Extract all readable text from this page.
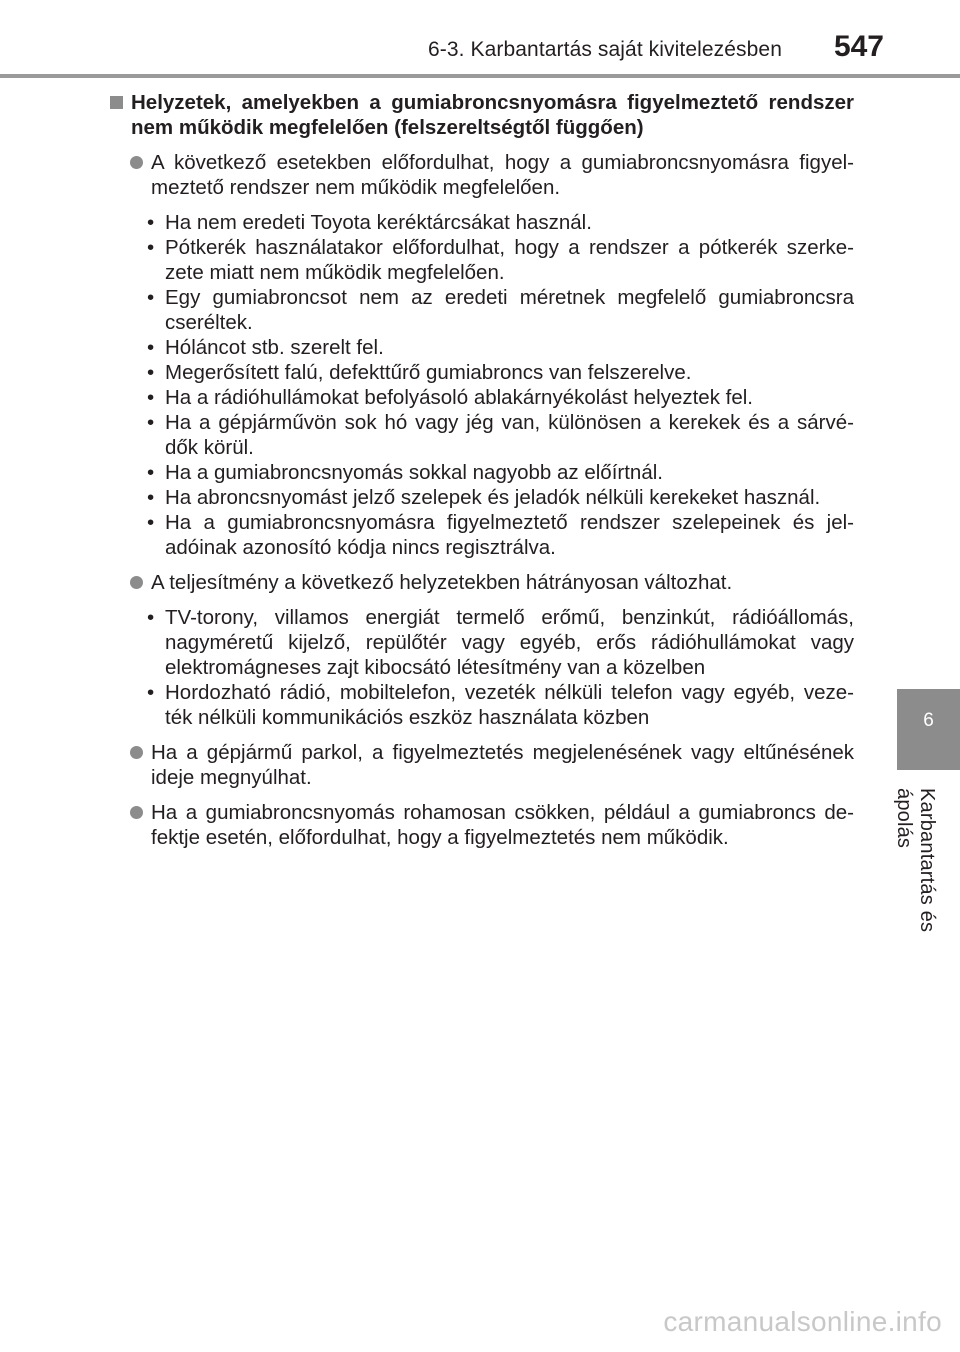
6-3. Karbantartás saját kivitelezésben 547
6
Karbantartás és ápolás
Helyzetek, amelyekben a gumiabroncsnyomásra figyelmeztető rendszer nem működik megfelelően (felszereltségtől függően)
A következő esetekben előfordulhat, hogy a gumiabroncsnyomásra figyel-meztető rendszer nem működik megfelelően.
• Ha nem eredeti Toyota keréktárcsákat használ.
• Pótkerék használatakor előfordulhat, hogy a rendszer a pótkerék szerke-zete miatt nem működik megfelelően.
• Egy gumiabroncsot nem az eredeti méretnek megfelelő gumiabroncsra cseréltek.
• Hóláncot stb. szerelt fel.
• Megerősített falú, defekttűrő gumiabroncs van felszerelve.
• Ha a rádióhullámokat befolyásoló ablakárnyékolást helyeztek fel.
• Ha a gépjárművön sok hó vagy jég van, különösen a kerekek és a sárvé-dők körül.
• Ha a gumiabroncsnyomás sokkal nagyobb az előírtnál.
• Ha abroncsnyomást jelző szelepek és jeladók nélküli kerekeket használ.
• Ha a gumiabroncsnyomásra figyelmeztető rendszer szelepeinek és jel-adóinak azonosító kódja nincs regisztrálva.
A teljesítmény a következő helyzetekben hátrányosan változhat.
• TV-torony, villamos energiát termelő erőmű, benzinkút, rádióállomás, nagyméretű kijelző, repülőtér vagy egyéb, erős rádióhullámokat vagy elektromágneses zajt kibocsátó létesítmény van a közelben
• Hordozható rádió, mobiltelefon, vezeték nélküli telefon vagy egyéb, veze-ték nélküli kommunikációs eszköz használata közben
Ha a gépjármű parkol, a figyelmeztetés megjelenésének vagy eltűnésének ideje megnyúlhat.
Ha a gumiabroncsnyomás rohamosan csökken, például a gumiabroncs de-fektje esetén, előfordulhat, hogy a figyelmeztetés nem működik.
carmanualsonline.info
